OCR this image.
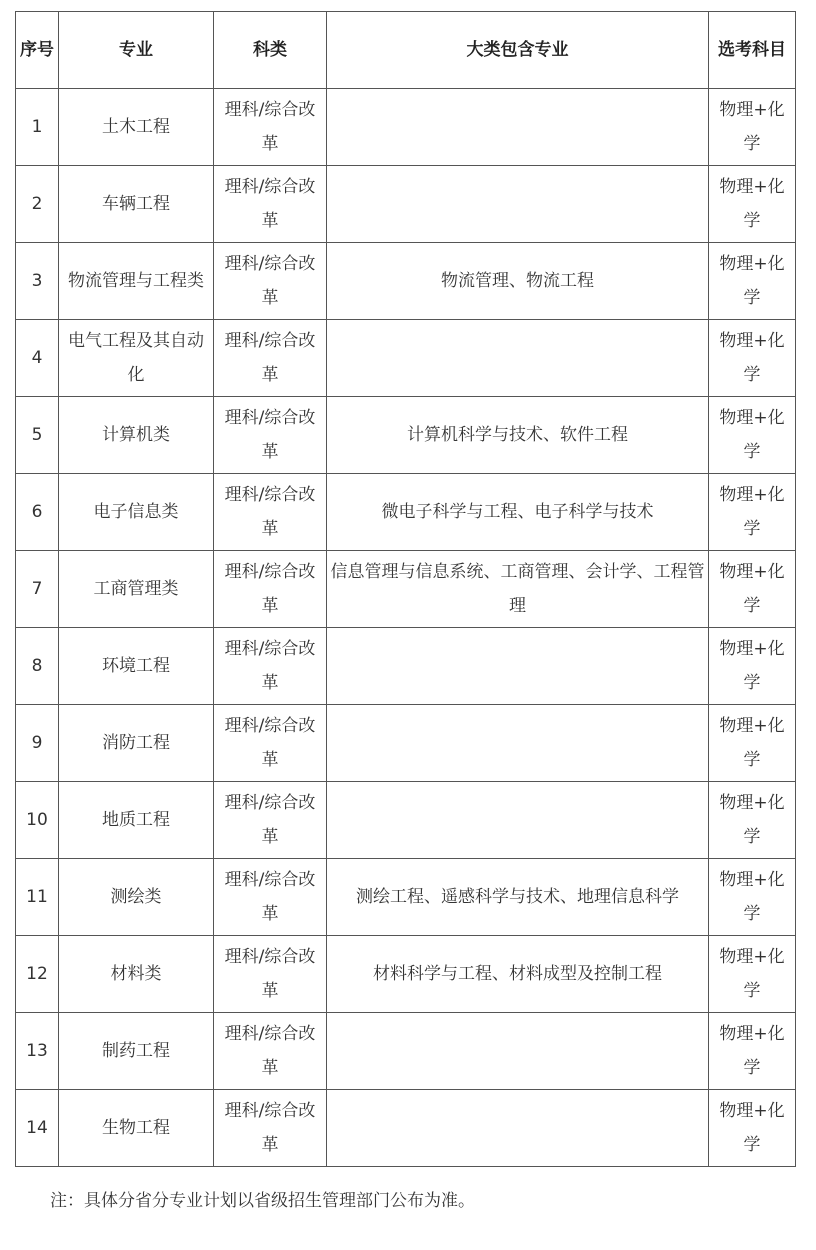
序号	专业	科类	大类包含专业	选考科目
1	土木工程	理科/综合改革		物理+化学
2	车辆工程	理科/综合改革		物理+化学
3	物流管理与工程类	理科/综合改革	物流管理、物流工程	物理+化学
4	电气工程及其自动化	理科/综合改革		物理+化学
5	计算机类	理科/综合改革	计算机科学与技术、软件工程	物理+化学
6	电子信息类	理科/综合改革	微电子科学与工程、电子科学与技术	物理+化学
7	工商管理类	理科/综合改革	信息管理与信息系统、工商管理、会计学、工程管理	物理+化学
8	环境工程	理科/综合改革		物理+化学
9	消防工程	理科/综合改革		物理+化学
10	地质工程	理科/综合改革		物理+化学
11	测绘类	理科/综合改革	测绘工程、遥感科学与技术、地理信息科学	物理+化学
12	材料类	理科/综合改革	材料科学与工程、材料成型及控制工程	物理+化学
13	制药工程	理科/综合改革		物理+化学
14	生物工程	理科/综合改革		物理+化学
注：具体分省分专业计划以省级招生管理部门公布为准。
